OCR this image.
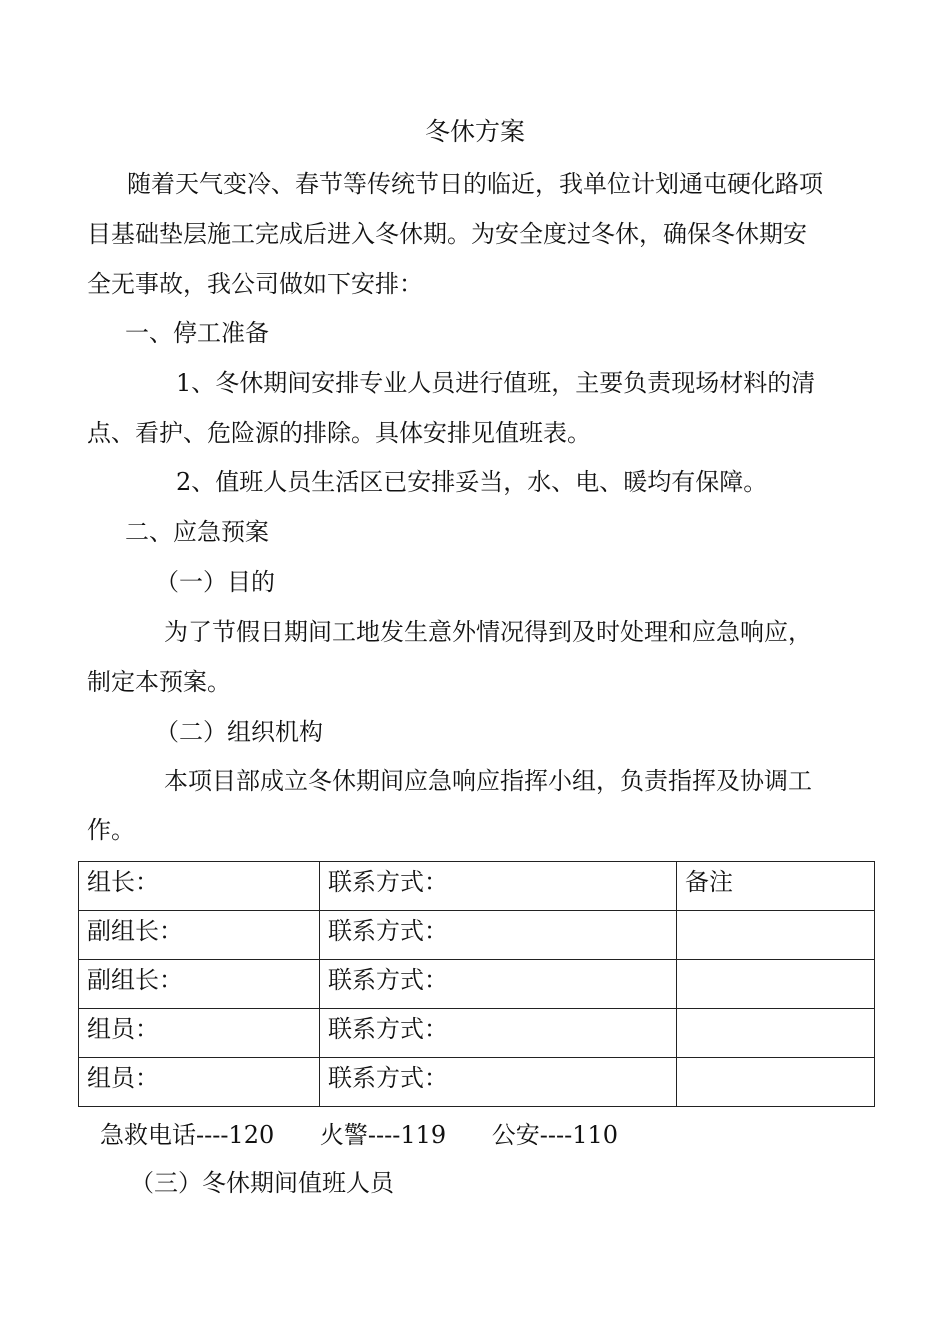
冬休方案

随着天气变冷、春节等传统节日的临近，我单位计划通屯硬化路项

目基础垫层施工完成后进入冬休期。为安全度过冬休，确保冬休期安

全无事故，我公司做如下安排：

一、停工准备

1、冬休期间安排专业人员进行值班，主要负责现场材料的清

点、看护、危险源的排除。具体安排见值班表。

2、值班人员生活区已安排妥当，水、电、暖均有保障。

二、应急预案

（一）目的

为了节假日期间工地发生意外情况得到及时处理和应急响应，

制定本预案。

（二）组织机构

本项目部成立冬休期间应急响应指挥小组，负责指挥及协调工

作。

组长：	联系方式：	备注
副组长：	联系方式：	
副组长：	联系方式：	
组员：	联系方式：	
组员：	联系方式：	
急救电话----120 火警----119 公安----110

（三）冬休期间值班人员
